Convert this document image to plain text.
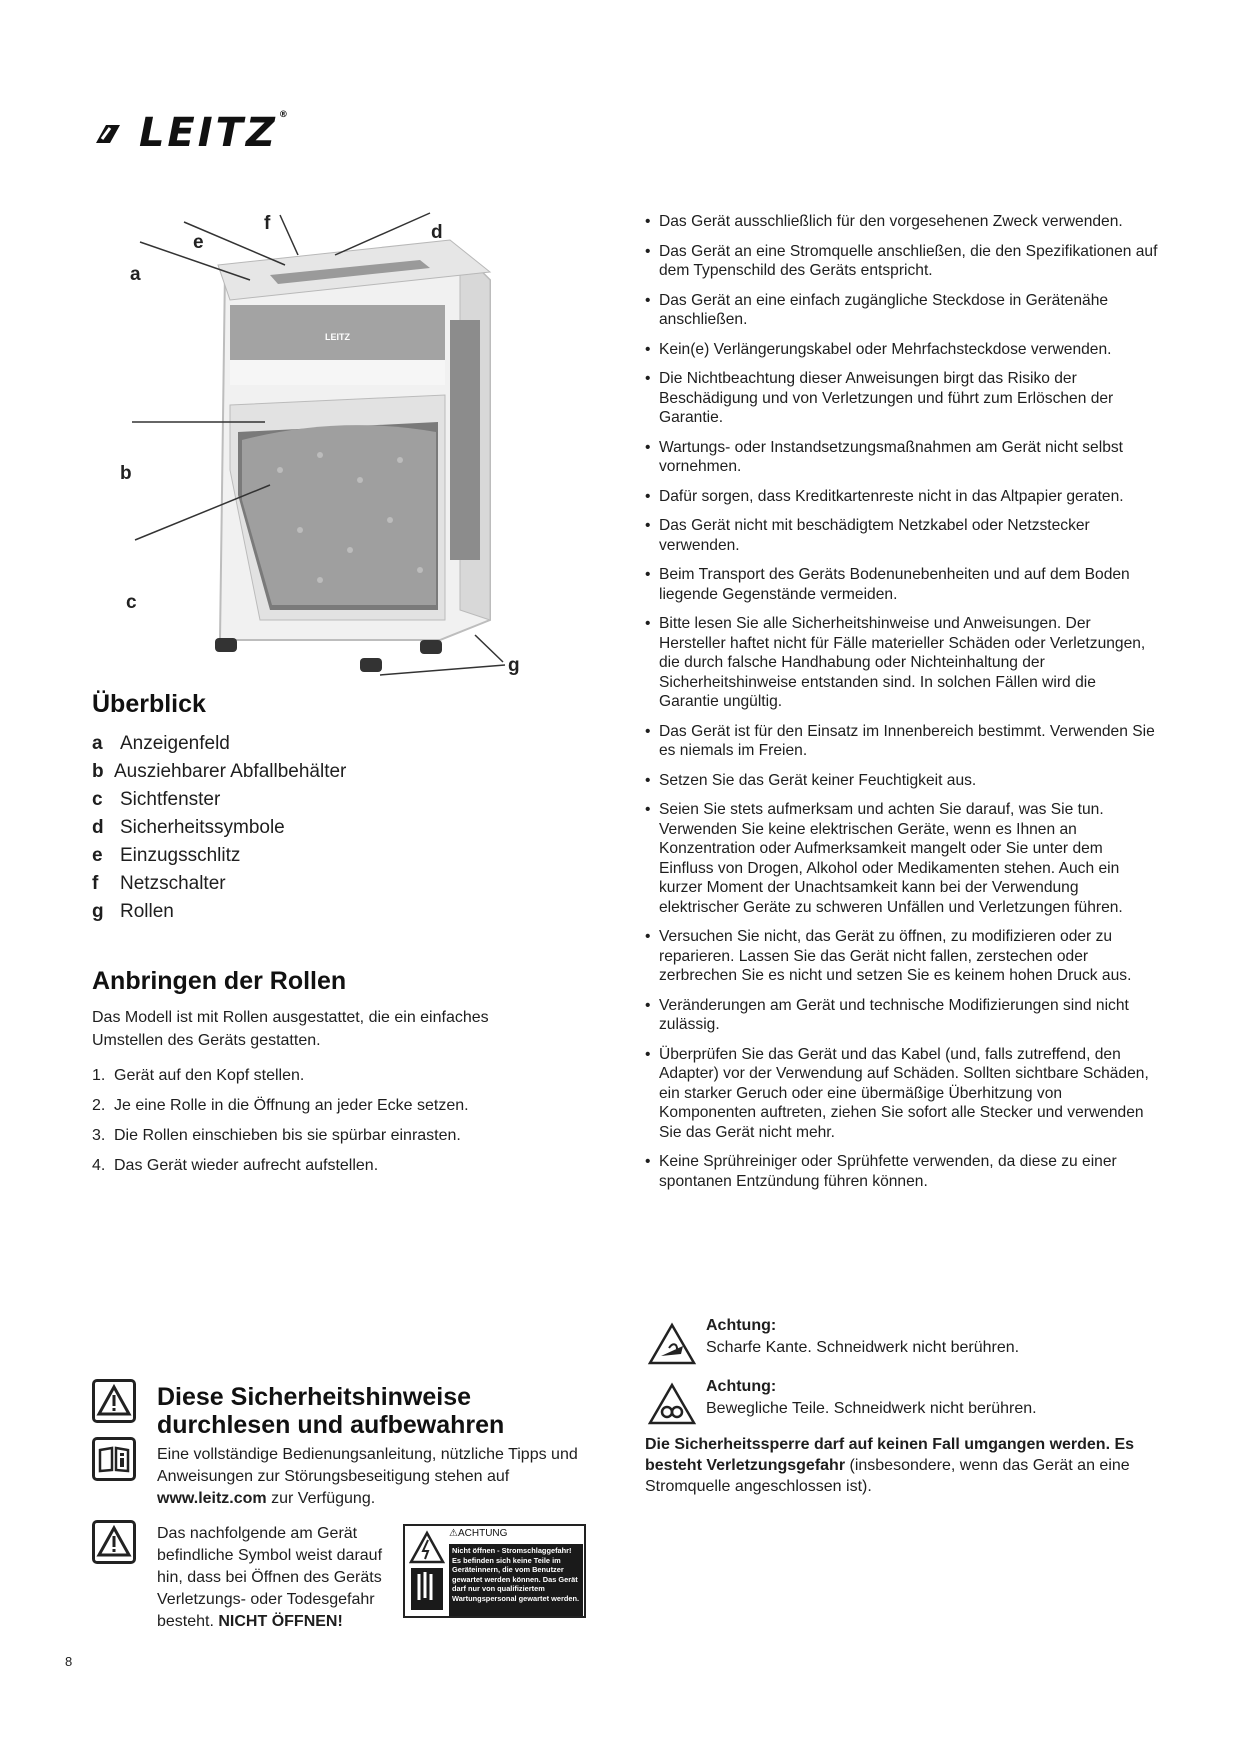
LEITZ®
LEITZ
a
b
c
d
e
f
g
Überblick
a Anzeigenfeld
b Ausziehbarer Abfallbehälter
c Sichtfenster
d Sicherheitssymbole
e Einzugsschlitz
f Netzschalter
g Rollen
Anbringen der Rollen
Das Modell ist mit Rollen ausgestattet, die ein einfaches Umstellen des Geräts gestatten.
1. Gerät auf den Kopf stellen.
2. Je eine Rolle in die Öffnung an jeder Ecke setzen.
3. Die Rollen einschieben bis sie spürbar einrasten.
4. Das Gerät wieder aufrecht aufstellen.
Diese Sicherheitshinweise durchlesen und aufbewahren
Eine vollständige Bedienungsanleitung, nützliche Tipps und Anweisungen zur Störungsbeseitigung stehen auf www.leitz.com zur Verfügung.
Das nachfolgende am Gerät befindliche Symbol weist darauf hin, dass bei Öffnen des Geräts Verletzungs- oder Todesgefahr besteht. NICHT ÖFFNEN!
⚠ACHTUNG
Nicht öffnen - Stromschlaggefahr! Es befinden sich keine Teile im Geräteinnern, die vom Benutzer gewartet werden können. Das Gerät darf nur von qualifiziertem Wartungspersonal gewartet werden.
• Das Gerät ausschließlich für den vorgesehenen Zweck verwenden.
• Das Gerät an eine Stromquelle anschließen, die den Spezifikationen auf dem Typenschild des Geräts entspricht.
• Das Gerät an eine einfach zugängliche Steckdose in Gerätenähe anschließen.
• Kein(e) Verlängerungskabel oder Mehrfachsteckdose verwenden.
• Die Nichtbeachtung dieser Anweisungen birgt das Risiko der Beschädigung und von Verletzungen und führt zum Erlöschen der Garantie.
• Wartungs- oder Instandsetzungsmaßnahmen am Gerät nicht selbst vornehmen.
• Dafür sorgen, dass Kreditkartenreste nicht in das Altpapier geraten.
• Das Gerät nicht mit beschädigtem Netzkabel oder Netzstecker verwenden.
• Beim Transport des Geräts Bodenunebenheiten und auf dem Boden liegende Gegenstände vermeiden.
• Bitte lesen Sie alle Sicherheitshinweise und Anweisungen. Der Hersteller haftet nicht für Fälle materieller Schäden oder Verletzungen, die durch falsche Handhabung oder Nichteinhaltung der Sicherheitshinweise entstanden sind. In solchen Fällen wird die Garantie ungültig.
• Das Gerät ist für den Einsatz im Innenbereich bestimmt. Verwenden Sie es niemals im Freien.
• Setzen Sie das Gerät keiner Feuchtigkeit aus.
• Seien Sie stets aufmerksam und achten Sie darauf, was Sie tun. Verwenden Sie keine elektrischen Geräte, wenn es Ihnen an Konzentration oder Aufmerksamkeit mangelt oder Sie unter dem Einfluss von Drogen, Alkohol oder Medikamenten stehen. Auch ein kurzer Moment der Unachtsamkeit kann bei der Verwendung elektrischer Geräte zu schweren Unfällen und Verletzungen führen.
• Versuchen Sie nicht, das Gerät zu öffnen, zu modifizieren oder zu reparieren. Lassen Sie das Gerät nicht fallen, zerstechen oder zerbrechen Sie es nicht und setzen Sie es keinem hohen Druck aus.
• Veränderungen am Gerät und technische Modifizierungen sind nicht zulässig.
• Überprüfen Sie das Gerät und das Kabel (und, falls zutreffend, den Adapter) vor der Verwendung auf Schäden. Sollten sichtbare Schäden, ein starker Geruch oder eine übermäßige Überhitzung von Komponenten auftreten, ziehen Sie sofort alle Stecker und verwenden Sie das Gerät nicht mehr.
• Keine Sprühreiniger oder Sprühfette verwenden, da diese zu einer spontanen Entzündung führen können.
Achtung:
Scharfe Kante. Schneidwerk nicht berühren.
Achtung:
Bewegliche Teile. Schneidwerk nicht berühren.
Die Sicherheitssperre darf auf keinen Fall umgangen werden. Es besteht Verletzungsgefahr (insbesondere, wenn das Gerät an eine Stromquelle angeschlossen ist).
8
